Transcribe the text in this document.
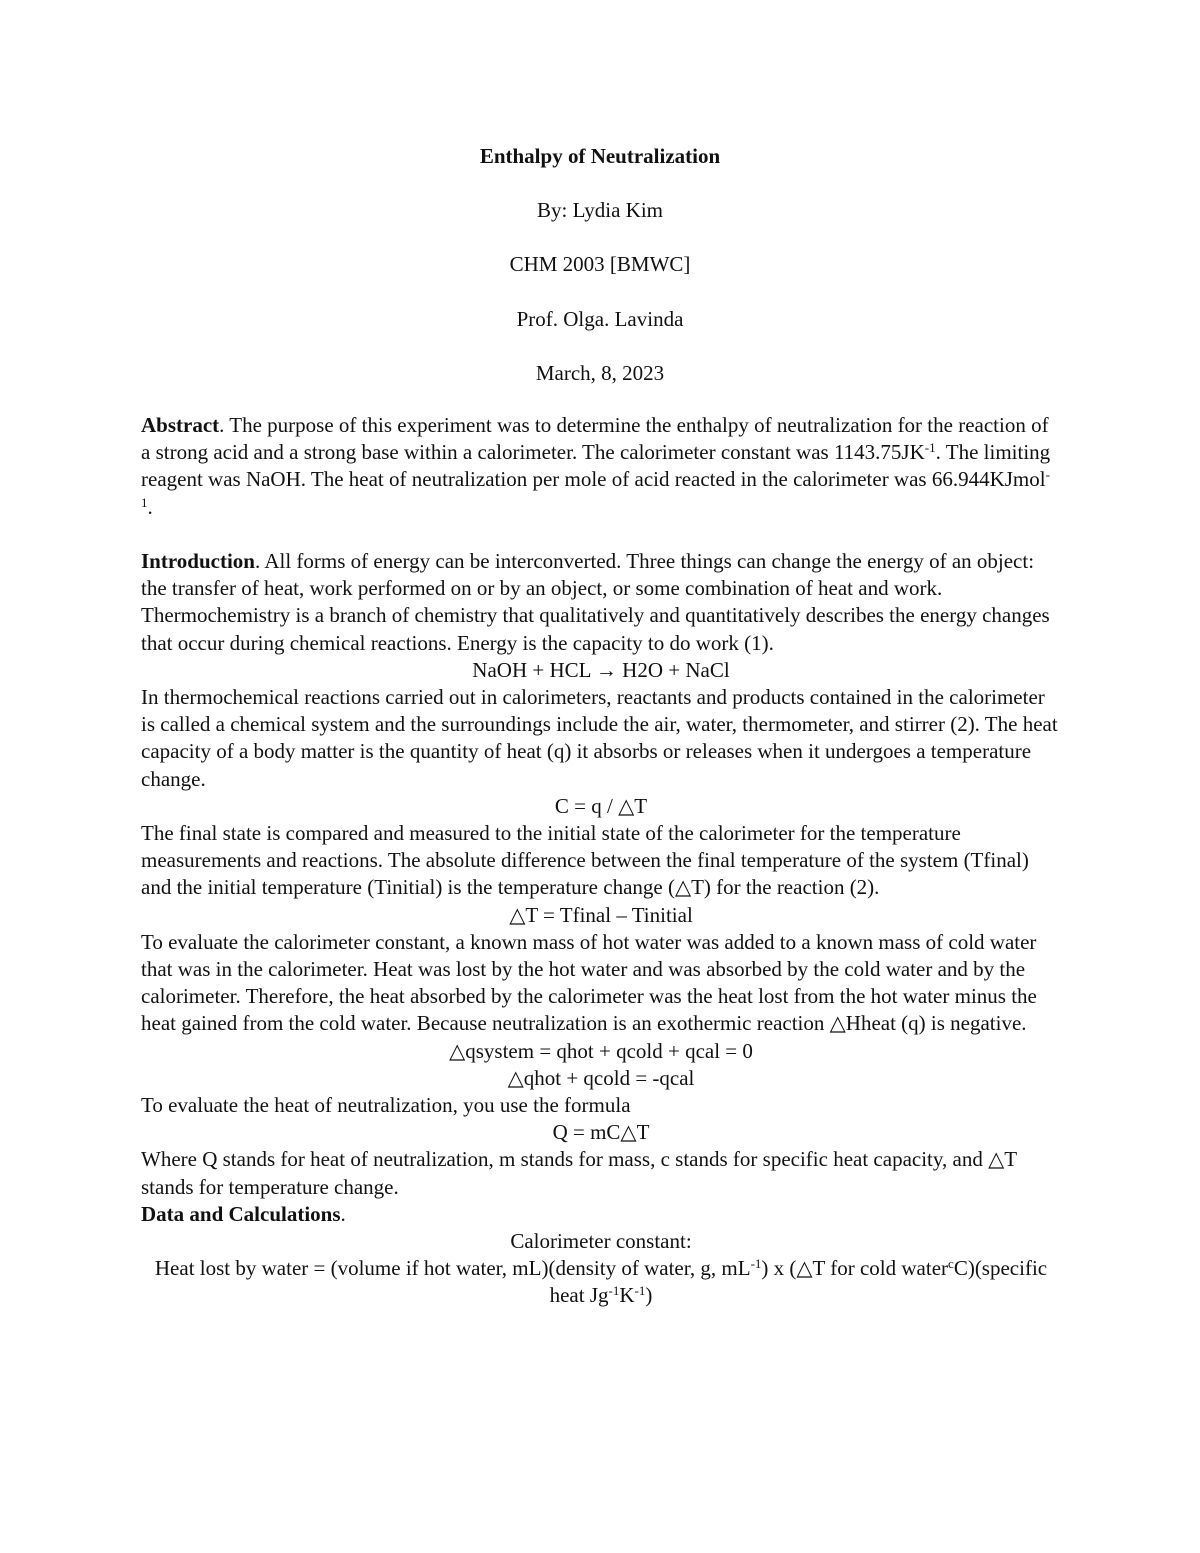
Enthalpy of Neutralization
By: Lydia Kim
CHM 2003 [BMWC]
Prof. Olga. Lavinda
March, 8, 2023

Abstract. The purpose of this experiment was to determine the enthalpy of neutralization for the reaction of a strong acid and a strong base within a calorimeter. The calorimeter constant was $1143.75JK^{-1}$. The limiting reagent was NaOH. The heat of neutralization per mole of acid reacted in the calorimeter was 66.944KJmol$^{-1}$.

Introduction. All forms of energy can be interconverted. Three things can change the energy of an object: the transfer of heat, work performed on or by an object, or some combination of heat and work. Thermochemistry is a branch of chemistry that qualitatively and quantitatively describes the energy changes that occur during chemical reactions. Energy is the capacity to do work (1).

NaOH + HCL → H2O + NaCl

In thermochemical reactions carried out in calorimeters, reactants and products contained in the calorimeter is called a chemical system and the surroundings include the air, water, thermometer, and stirrer (2). The heat capacity of a body matter is the quantity of heat (q) it absorbs or releases when it undergoes a temperature change.

C = q / △T

The final state is compared and measured to the initial state of the calorimeter for the temperature measurements and reactions. The absolute difference between the final temperature of the system (Tfinal) and the initial temperature (Tinitial) is the temperature change (△T) for the reaction (2).

△T = Tfinal – Tinitial

To evaluate the calorimeter constant, a known mass of hot water was added to a known mass of cold water that was in the calorimeter. Heat was lost by the hot water and was absorbed by the cold water and by the calorimeter. Therefore, the heat absorbed by the calorimeter was the heat lost from the hot water minus the heat gained from the cold water. Because neutralization is an exothermic reaction △Hheat (q) is negative.

△qsystem = qhot + qcold + qcal = 0

△qhot + qcold = -qcal

To evaluate the heat of neutralization, you use the formula

Q = mC△T

Where Q stands for heat of neutralization, m stands for mass, c stands for specific heat capacity, and △T stands for temperature change.

Data and Calculations.

Calorimeter constant:

Heat lost by water = (volume if hot water, mL)(density of water, g, $mL^{-1}$) x (△T for cold water$^c$C)(specific heat $Jg^{-1}K^{-1}$)
